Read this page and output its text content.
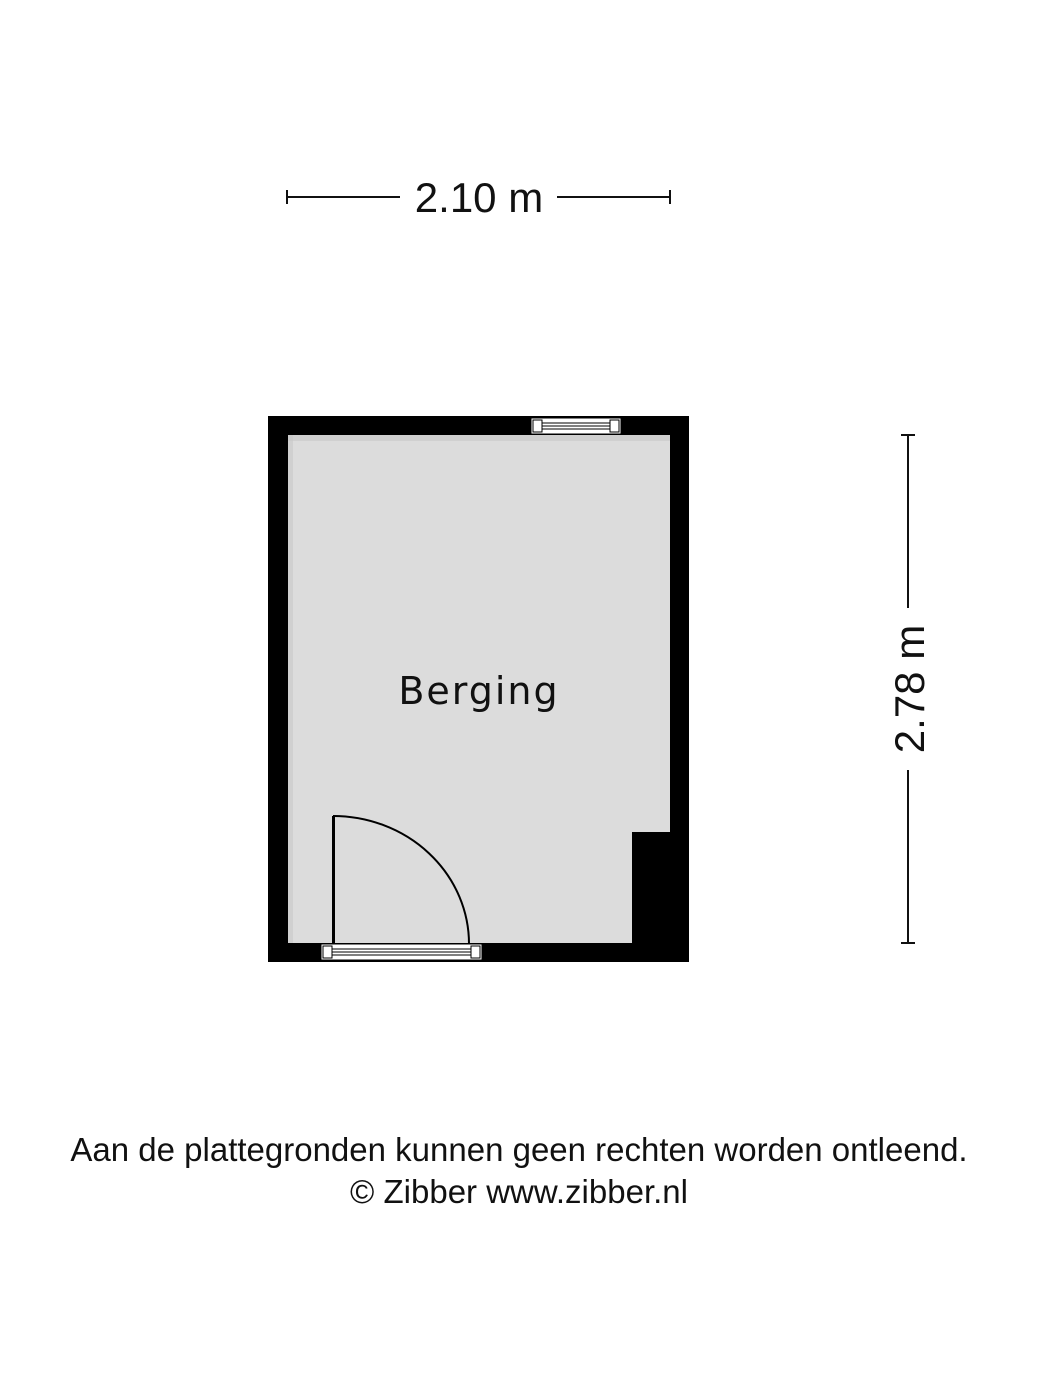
2.10 m
2.78 m
Berging
Aan de plattegronden kunnen geen rechten worden ontleend.
© Zibber www.zibber.nl
